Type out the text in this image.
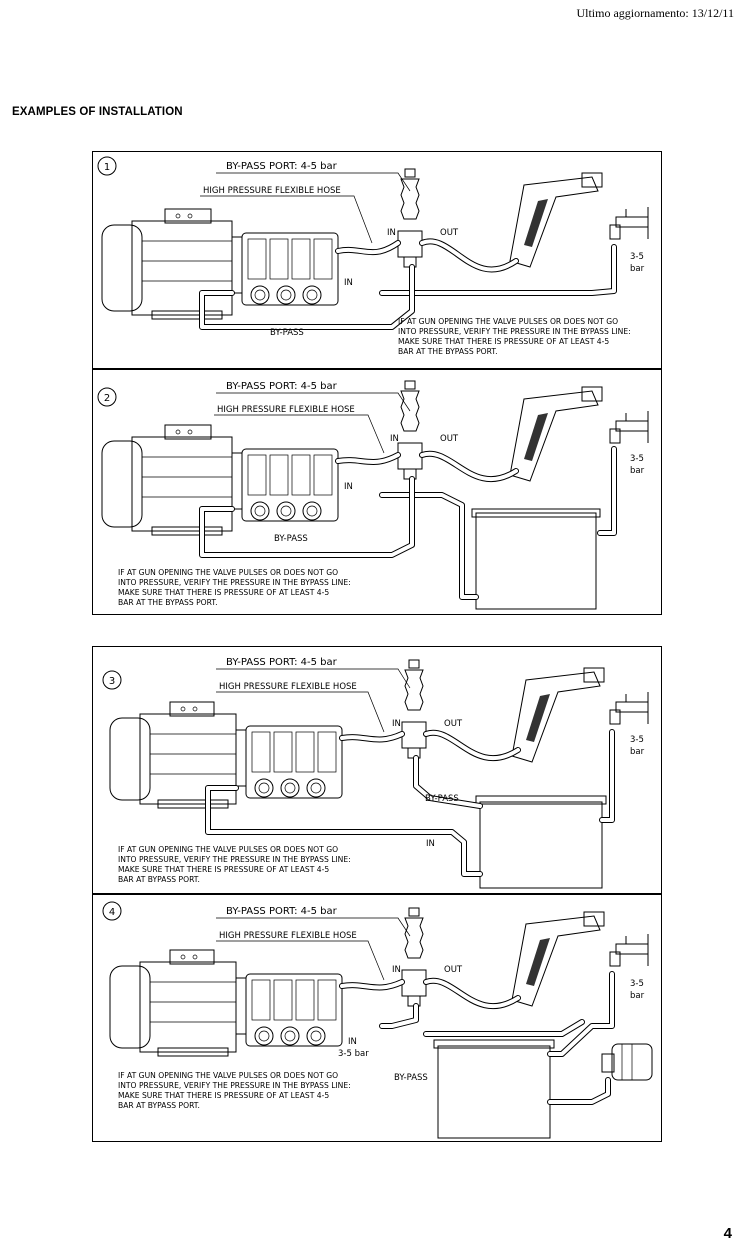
Ultimo aggiornamento: 13/12/11
EXAMPLES OF INSTALLATION
1	BY-PASS PORT: 4-5 bar
HIGH PRESSURE FLEXIBLE HOSE
3-5
bar
IN	OUT
IN
BY-PASS
IF AT GUN OPENING THE VALVE PULSES OR DOES NOT GO INTO PRESSURE, VERIFY THE PRESSURE IN THE BYPASS LINE: MAKE SURE THAT THERE IS PRESSURE OF AT LEAST 4-5 BAR AT THE BYPASS PORT.
2
BY-PASS PORT: 4-5 bar
HIGH PRESSURE FLEXIBLE HOSE
3-5
bar
IN	OUT
IN
BY-PASS
IF AT GUN OPENING THE VALVE PULSES OR DOES NOT GO INTO PRESSURE, VERIFY THE PRESSURE IN THE BYPASS LINE: MAKE SURE THAT THERE IS PRESSURE OF AT LEAST 4-5 BAR AT THE BYPASS PORT.
3
BY-PASS PORT: 4-5 bar
HIGH PRESSURE FLEXIBLE HOSE
3-5
bar
IN	OUT
IN
BY-PASS
IF AT GUN OPENING THE VALVE PULSES OR DOES NOT GO INTO PRESSURE, VERIFY THE PRESSURE IN THE BYPASS LINE: MAKE SURE THAT THERE IS PRESSURE OF AT LEAST 4-5 BAR AT BYPASS PORT.
4	BY-PASS PORT: 4-5 bar
HIGH PRESSURE FLEXIBLE HOSE
3-5
bar
IN	OUT
IN
3-5 bar
BY-PASS
IF AT GUN OPENING THE VALVE PULSES OR DOES NOT GO INTO PRESSURE, VERIFY THE PRESSURE IN THE BYPASS LINE: MAKE SURE THAT THERE IS PRESSURE OF AT LEAST 4-5 BAR AT BYPASS PORT.
4
